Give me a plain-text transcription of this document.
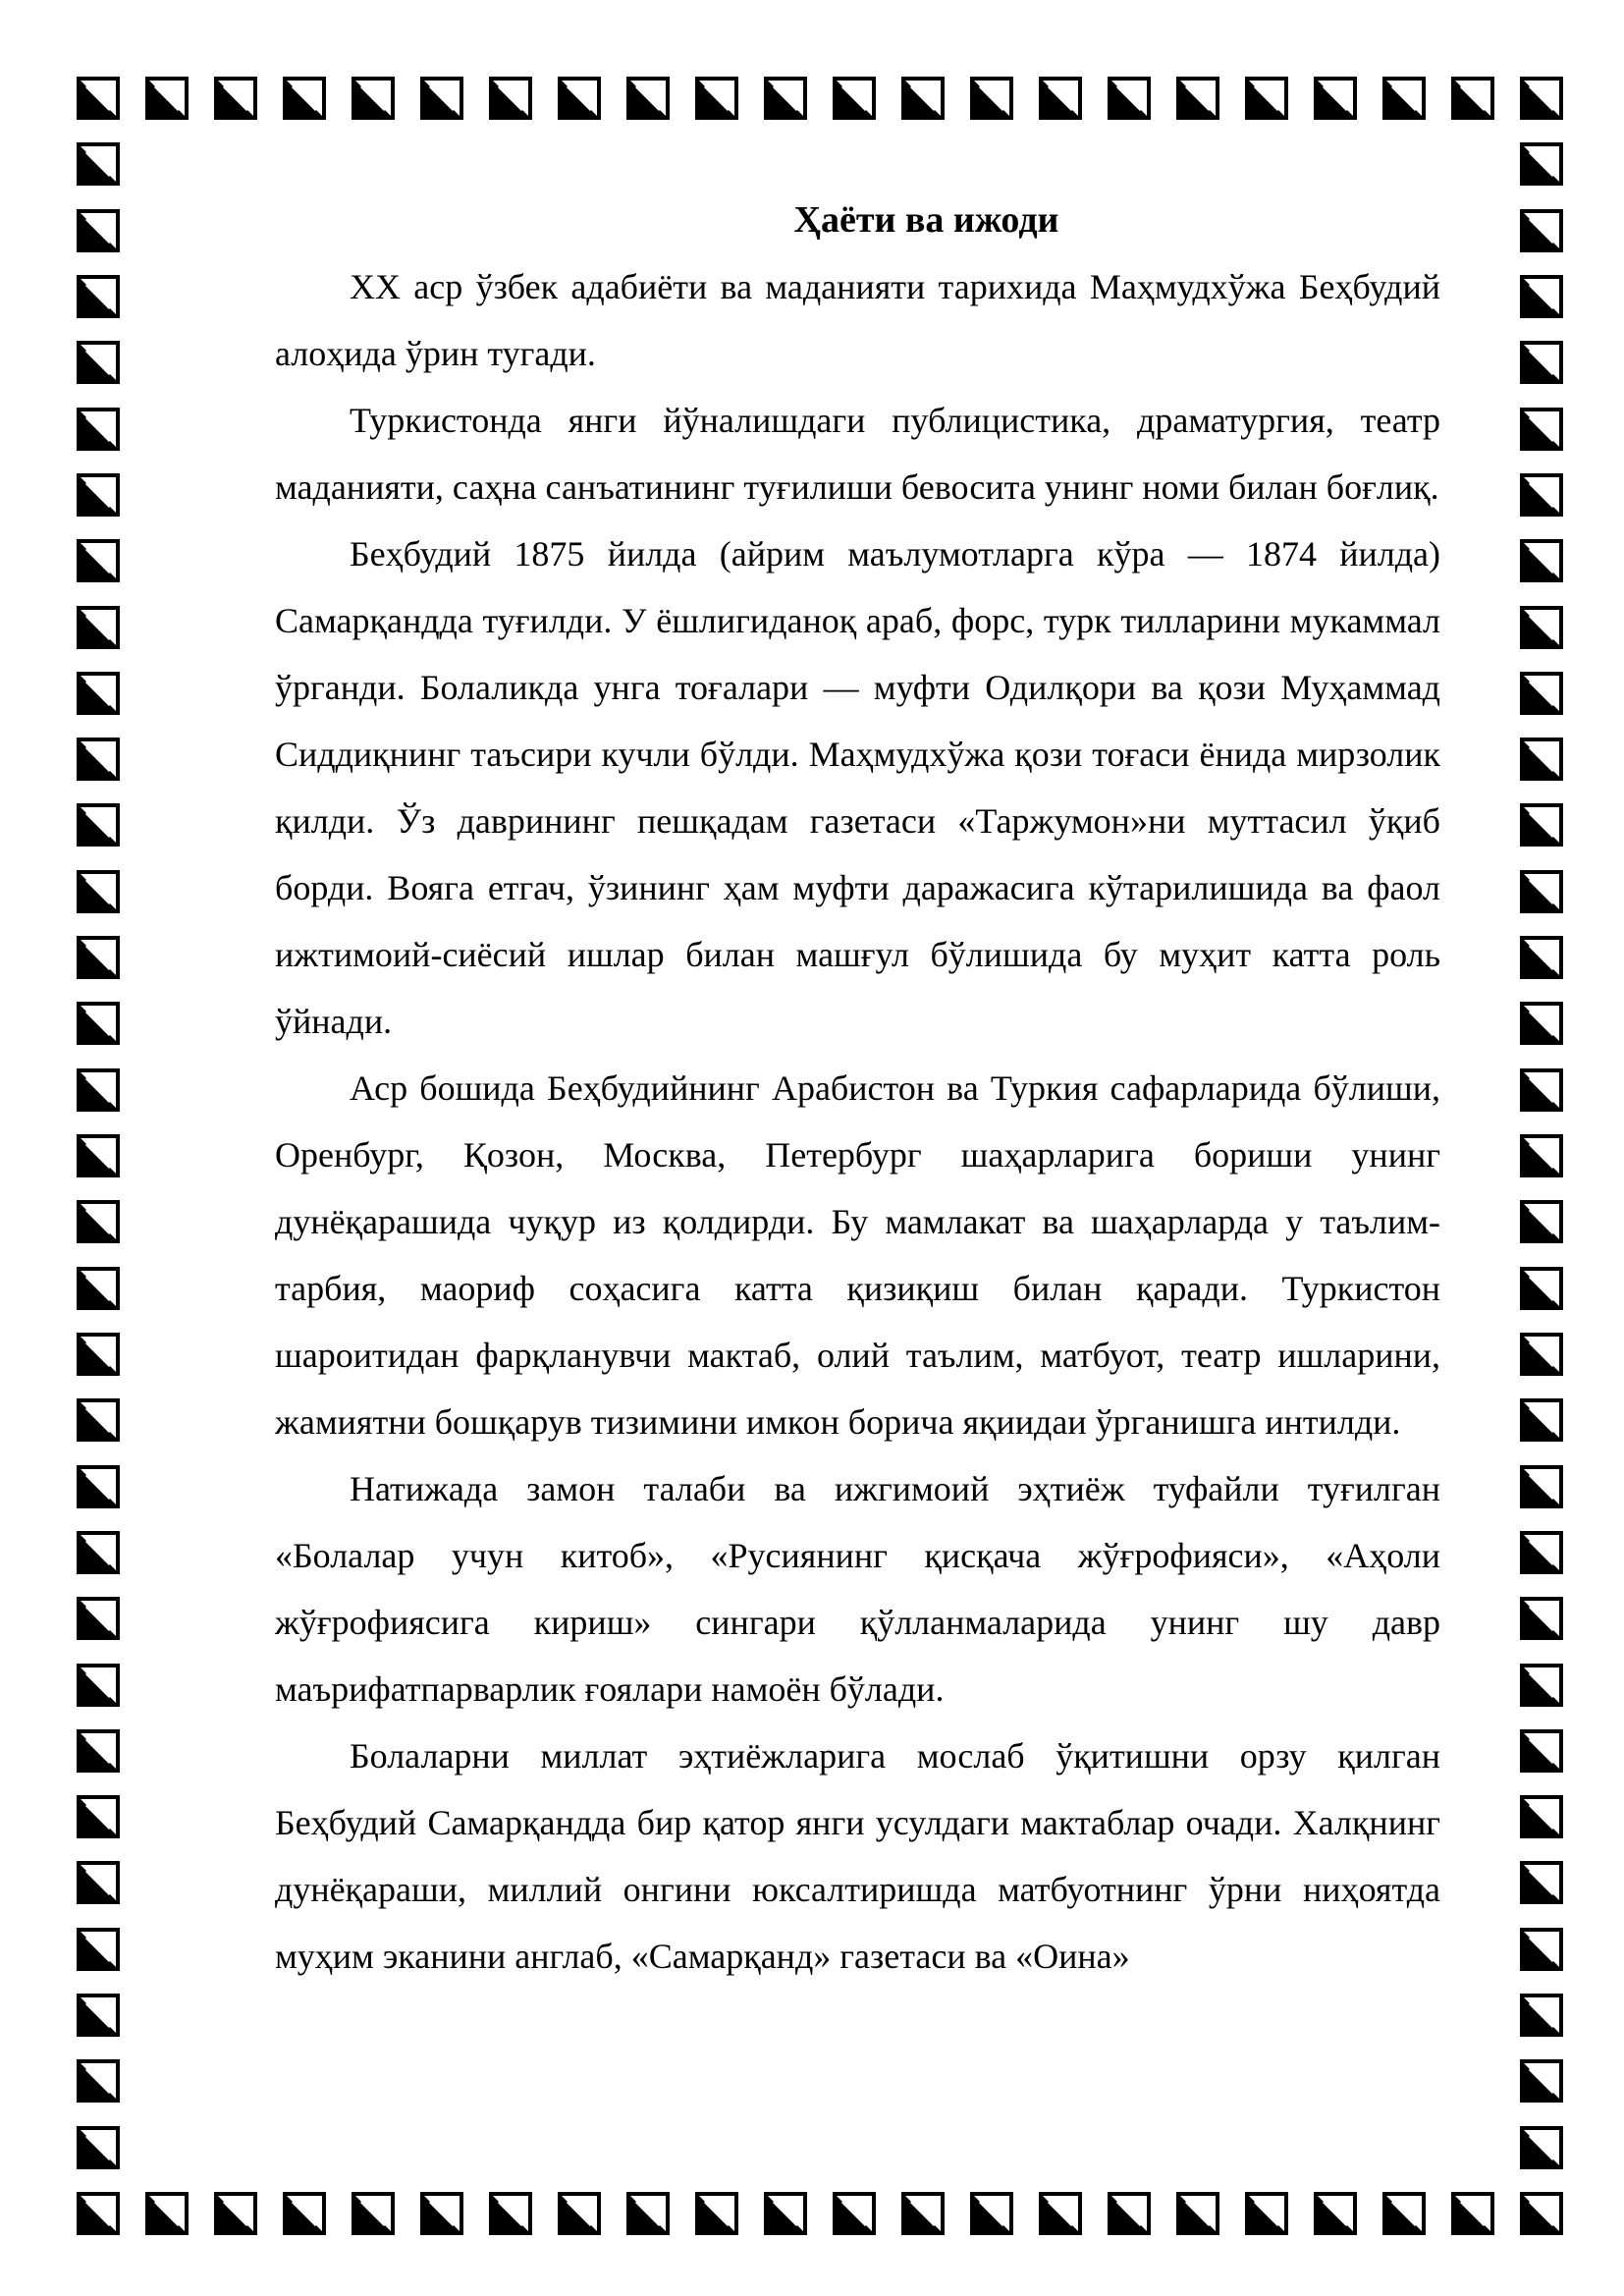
Ҳаёти ва ижоди

XX аср ўзбек адабиёти ва маданияти тарихида Маҳмудхўжа Беҳбудий алоҳида ўрин тугади.

Туркистонда янги йўналишдаги публицистика, драматургия, театр маданияти, саҳна санъатининг туғилиши бевосита унинг номи билан боғлиқ.

Беҳбудий 1875 йилда (айрим маълумотларга кўра — 1874 йилда) Самарқандда туғилди. У ёшлигиданоқ араб, форс, турк тилларини мукаммал ўрганди. Болаликда унга тоғалари — муфти Одилқори ва қози Муҳаммад Сиддиқнинг таъсири кучли бўлди. Маҳмудхўжа қози тоғаси ёнида мирзолик қилди. Ўз даврининг пешқадам газетаси «Таржумон»ни муттасил ўқиб борди. Вояга етгач, ўзининг ҳам муфти даражасига кўтарилишида ва фаол ижтимоий-сиёсий ишлар билан машғул бўлишида бу муҳит катта роль ўйнади.

Аср бошида Беҳбудийнинг Арабистон ва Туркия сафарларида бўлиши, Оренбург, Қозон, Москва, Петербург шаҳарларига бориши унинг дунёқарашида чуқур из қолдирди. Бу мамлакат ва шаҳарларда у таълим-тарбия, маориф соҳасига катта қизиқиш билан қаради. Туркистон шароитидан фарқланувчи мактаб, олий таълим, матбуот, театр ишларини, жамиятни бошқарув тизимини имкон борича яқиидаи ўрганишга интилди.

Натижада замон талаби ва ижгимоий эҳтиёж туфайли туғилган «Болалар учун китоб», «Русиянинг қисқача жўғрофияси», «Аҳоли жўғрофиясига кириш» сингари қўлланмаларида унинг шу давр маърифатпарварлик ғоялари намоён бўлади.

Болаларни миллат эҳтиёжларига мослаб ўқитишни орзу қилган Беҳбудий Самарқандда бир қатор янги усулдаги мактаблар очади. Халқнинг дунёқараши, миллий онгини юксалтиришда матбуотнинг ўрни ниҳоятда муҳим эканини англаб, «Самарқанд» газетаси ва «Оина»
